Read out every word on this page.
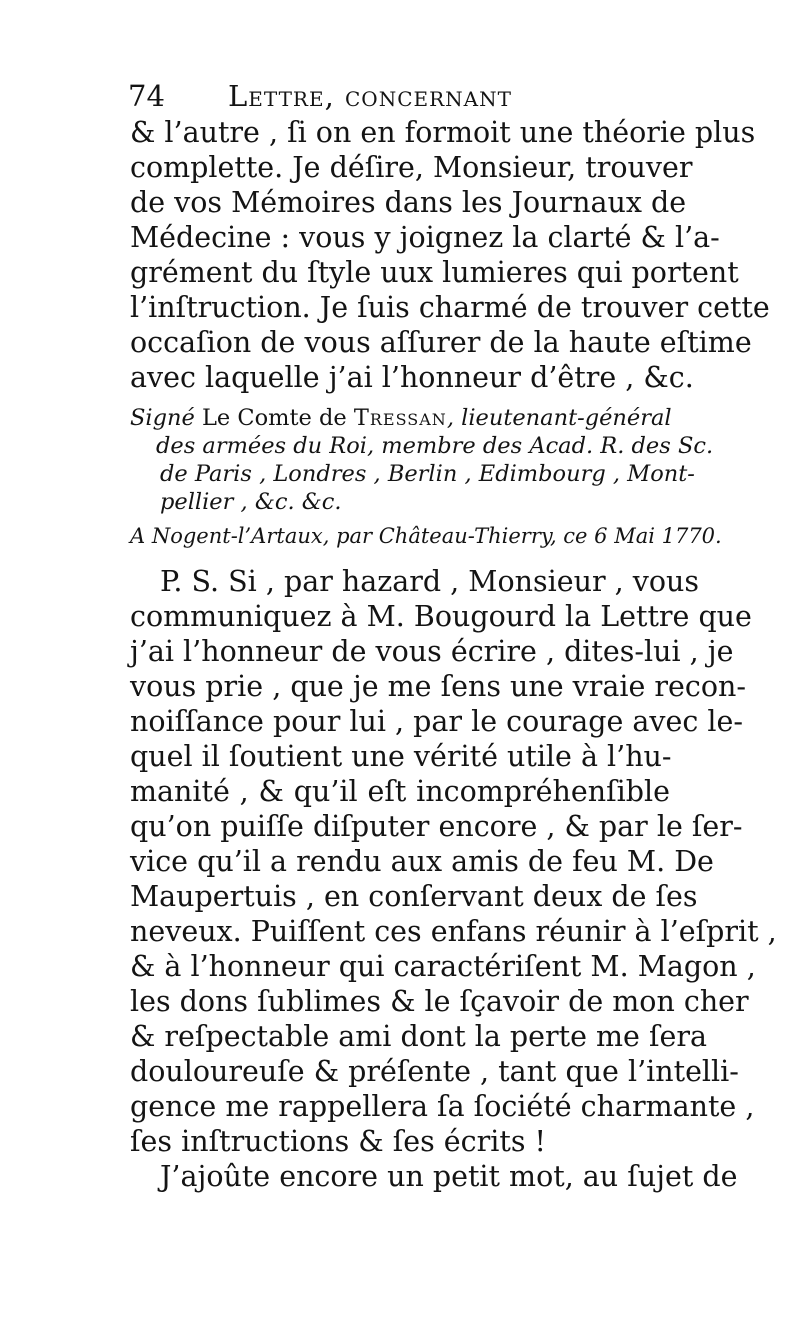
74 Lettre, concernant
& l’autre , ſi on en formoit une théorie plus
complette. Je déſire, Monsieur, trouver
de vos Mémoires dans les Journaux de
Médecine : vous y joignez la clarté & l’a-
grément du ſtyle uux lumieres qui portent
l’inſtruction. Je ſuis charmé de trouver cette
occaſion de vous aſſurer de la haute eſtime
avec laquelle j’ai l’honneur d’être , &c.
Signé Le Comte de Tressan, lieutenant-général
des armées du Roi, membre des Acad. R. des Sc.
de Paris , Londres , Berlin , Edimbourg , Mont-
pellier , &c. &c.
A Nogent-l’Artaux, par Château-Thierry, ce 6 Mai 1770.
P. S. Si , par hazard , Monsieur , vous
communiquez à M. Bougourd la Lettre que
j’ai l’honneur de vous écrire , dites-lui , je
vous prie , que je me ſens une vraie recon-
noiſſance pour lui , par le courage avec le-
quel il ſoutient une vérité utile à l’hu-
manité , & qu’il eſt incompréhenſible
qu’on puiſſe diſputer encore , & par le ſer-
vice qu’il a rendu aux amis de feu M. De
Maupertuis , en conſervant deux de ſes
neveux. Puiſſent ces enfans réunir à l’eſprit ,
& à l’honneur qui caractériſent M. Magon ,
les dons ſublimes & le ſçavoir de mon cher
& reſpectable ami dont la perte me ſera
douloureuſe & préſente , tant que l’intelli-
gence me rappellera ſa ſociété charmante ,
ſes inſtructions & ſes écrits !
J’ajoûte encore un petit mot, au ſujet de
